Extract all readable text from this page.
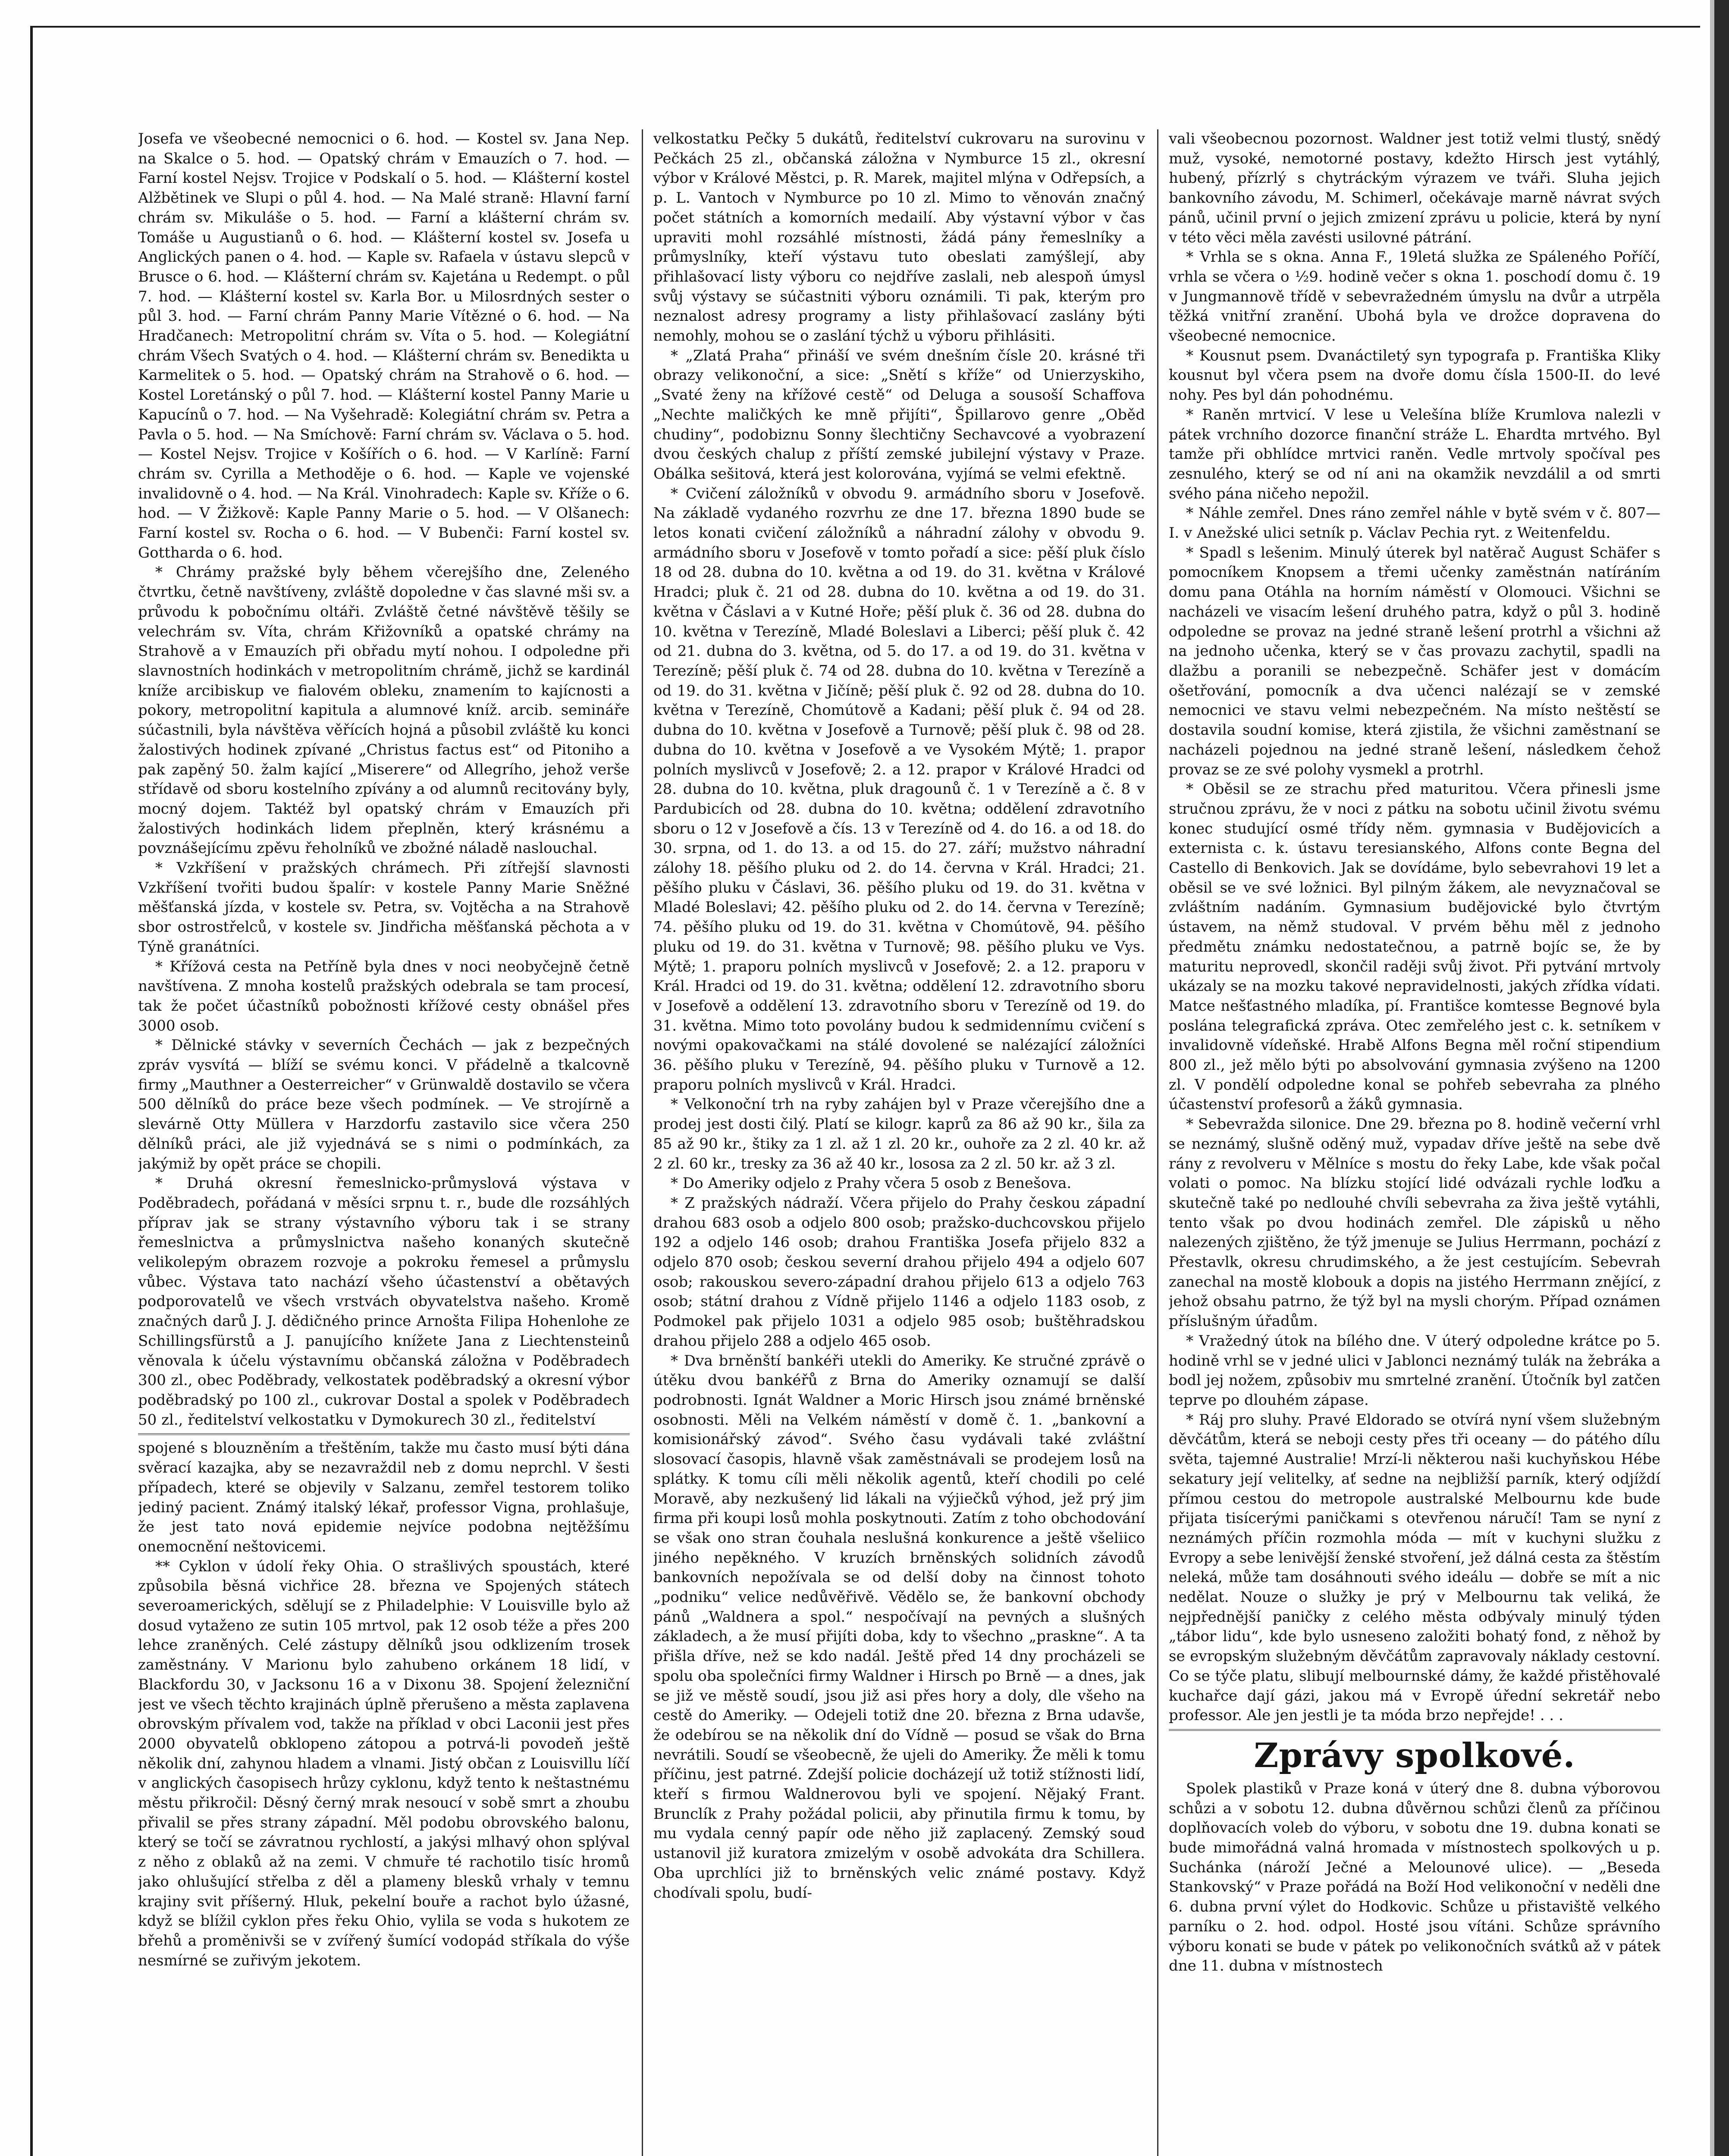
Josefa ve všeobecné nemocnici o 6. hod. — Kostel sv. Jana Nep. na Skalce o 5. hod. — Opatský chrám v Emauzích o 7. hod. — Farní kostel Nejsv. Trojice v Podskalí o 5. hod. — Klášterní kostel Alžbětinek ve Slupi o půl 4. hod. — Na Malé straně: Hlavní farní chrám sv. Mikuláše o 5. hod. — Farní a klášterní chrám sv. Tomáše u Augustianů o 6. hod. — Klášterní kostel sv. Josefa u Anglických panen o 4. hod. — Kaple sv. Rafaela v ústavu slepců v Brusce o 6. hod. — Klášterní chrám sv. Kajetána u Redempt. o půl 7. hod. — Klášterní kostel sv. Karla Bor. u Milosrdných sester o půl 3. hod. — Farní chrám Panny Marie Vítězné o 6. hod. — Na Hradčanech: Metropolitní chrám sv. Víta o 5. hod. — Kolegiátní chrám Všech Svatých o 4. hod. — Klášterní chrám sv. Benedikta u Karmelitek o 5. hod. — Opatský chrám na Strahově o 6. hod. — Kostel Loretánský o půl 7. hod. — Klášterní kostel Panny Marie u Kapucínů o 7. hod. — Na Vyšehradě: Kolegiátní chrám sv. Petra a Pavla o 5. hod. — Na Smíchově: Farní chrám sv. Václava o 5. hod. — Kostel Nejsv. Trojice v Košířích o 6. hod. — V Karlíně: Farní chrám sv. Cyrilla a Methoděje o 6. hod. — Kaple ve vojenské invalidovně o 4. hod. — Na Král. Vinohradech: Kaple sv. Kříže o 6. hod. — V Žižkově: Kaple Panny Marie o 5. hod. — V Olšanech: Farní kostel sv. Rocha o 6. hod. — V Bubenči: Farní kostel sv. Gottharda o 6. hod.

* Chrámy pražské byly během včerejšího dne, Zeleného čtvrtku, četně navštíveny, zvláště dopoledne v čas slavné mši sv. a průvodu k pobočnímu oltáři. Zvláště četné návštěvě těšily se velechrám sv. Víta, chrám Křižovníků a opatské chrámy na Strahově a v Emauzích při obřadu mytí nohou. I odpoledne při slavnostních hodinkách v metropolitním chrámě, jichž se kardinál kníže arcibiskup ve fialovém obleku, znamením to kajícnosti a pokory, metropolitní kapitula a alumnové kníž. arcib. semináře súčastnili, byla návštěva věřících hojná a působil zvláště ku konci žalostivých hodinek zpívané „Christus factus est“ od Pitoniho a pak zapěný 50. žalm kající „Miserere“ od Allegrího, jehož verše střídavě od sboru kostelního zpívány a od alumnů recitovány byly, mocný dojem. Taktéž byl opatský chrám v Emauzích při žalostivých hodinkách lidem přeplněn, který krásnému a povznášejícímu zpěvu řeholníků ve zbožné náladě naslouchal.

* Vzkříšení v pražských chrámech. Při zítřejší slavnosti Vzkříšení tvořiti budou špalír: v kostele Panny Marie Sněžné měšťanská jízda, v kostele sv. Petra, sv. Vojtěcha a na Strahově sbor ostrostřelců, v kostele sv. Jindřicha měšťanská pěchota a v Týně granátníci.

* Křížová cesta na Petříně byla dnes v noci neobyčejně četně navštívena. Z mnoha kostelů pražských odebrala se tam procesí, tak že počet účastníků pobožnosti křížové cesty obnášel přes 3000 osob.

* Dělnické stávky v severních Čechách — jak z bezpečných zpráv vysvítá — blíží se svému konci. V přádelně a tkalcovně firmy „Mauthner a Oesterreicher“ v Grünwaldě dostavilo se včera 500 dělníků do práce beze všech podmínek. — Ve strojírně a slevárně Otty Müllera v Harzdorfu zastavilo sice včera 250 dělníků práci, ale již vyjednává se s nimi o podmínkách, za jakýmiž by opět práce se chopili.

* Druhá okresní řemeslnicko-průmyslová výstava v Poděbradech, pořádaná v měsíci srpnu t. r., bude dle rozsáhlých příprav jak se strany výstavního výboru tak i se strany řemeslnictva a průmyslnictva našeho konaných skutečně velikolepým obrazem rozvoje a pokroku řemesel a průmyslu vůbec. Výstava tato nachází všeho účastenství a obětavých podporovatelů ve všech vrstvách obyvatelstva našeho. Kromě značných darů J. J. dědičného prince Arnošta Filipa Hohenlohe ze Schillingsfürstů a J. panujícího knížete Jana z Liechtensteinů věnovala k účelu výstavnímu občanská záložna v Poděbradech 300 zl., obec Poděbrady, velkostatek poděbradský a okresní výbor poděbradský po 100 zl., cukrovar Dostal a spolek v Poděbradech 50 zl., ředitelství velkostatku v Dymokurech 30 zl., ředitelství

spojené s blouzněním a třeštěním, takže mu často musí býti dána svěrací kazajka, aby se nezavraždil neb z domu neprchl. V šesti případech, které se objevily v Salzanu, zemřel testorem toliko jediný pacient. Známý italský lékař, professor Vigna, prohlašuje, že jest tato nová epidemie nejvíce podobna nejtěžšímu onemocnění neštovicemi.

** Cyklon v údolí řeky Ohia. O strašlivých spoustách, které způsobila běsná vichřice 28. března ve Spojených státech severoamerických, sdělují se z Philadelphie: V Louisville bylo až dosud vytaženo ze sutin 105 mrtvol, pak 12 osob téže a přes 200 lehce zraněných. Celé zástupy dělníků jsou odklizením trosek zaměstnány. V Marionu bylo zahubeno orkánem 18 lidí, v Blackfordu 30, v Jacksonu 16 a v Dixonu 38. Spojení železniční jest ve všech těchto krajinách úplně přerušeno a města zaplavena obrovským přívalem vod, takže na příklad v obci Laconii jest přes 2000 obyvatelů obklopeno zátopou a potrvá-li povodeň ještě několik dní, zahynou hladem a vlnami. Jistý občan z Louisvillu líčí v anglických časopisech hrůzy cyklonu, když tento k neštastnému městu přikročil: Děsný černý mrak nesoucí v sobě smrt a zhoubu přivalil se přes strany západní. Měl podobu obrovského balonu, který se točí se závratnou rychlostí, a jakýsi mlhavý ohon splýval z něho z oblaků až na zemi. V chmuře té rachotilo tisíc hromů jako ohlušující střelba z děl a plameny blesků vrhaly v temnu krajiny svit příšerný. Hluk, pekelní bouře a rachot bylo úžasné, když se blížil cyklon přes řeku Ohio, vylila se voda s hukotem ze břehů a proměnivši se v zvířený šumící vodopád stříkala do výše nesmírné se zuřivým jekotem.

velkostatku Pečky 5 dukátů, ředitelství cukrovaru na surovinu v Pečkách 25 zl., občanská záložna v Nymburce 15 zl., okresní výbor v Králové Městci, p. R. Marek, majitel mlýna v Odřepsích, a p. L. Vantoch v Nymburce po 10 zl. Mimo to věnován značný počet státních a komorních medailí. Aby výstavní výbor v čas upraviti mohl rozsáhlé místnosti, žádá pány řemeslníky a průmyslníky, kteří výstavu tuto obeslati zamýšlejí, aby přihlašovací listy výboru co nejdříve zaslali, neb alespoň úmysl svůj výstavy se súčastniti výboru oznámili. Ti pak, kterým pro neznalost adresy programy a listy přihlašovací zaslány býti nemohly, mohou se o zaslání týchž u výboru přihlásiti.

* „Zlatá Praha“ přináší ve svém dnešním čísle 20. krásné tři obrazy velikonoční, a sice: „Snětí s kříže“ od Unierzyskiho, „Svaté ženy na křížové cestě“ od Deluga a sousoší Schaffova „Nechte maličkých ke mně přijíti“, Špillarovo genre „Oběd chudiny“, podobiznu Sonny šlechtičny Sechavcové a vyobrazení dvou českých chalup z příští zemské jubilejní výstavy v Praze. Obálka sešitová, která jest kolorována, vyjímá se velmi efektně.

* Cvičení záložníků v obvodu 9. armádního sboru v Josefově. Na základě vydaného rozvrhu ze dne 17. března 1890 bude se letos konati cvičení záložníků a náhradní zálohy v obvodu 9. armádního sboru v Josefově v tomto pořadí a sice: pěší pluk číslo 18 od 28. dubna do 10. května a od 19. do 31. května v Králové Hradci; pluk č. 21 od 28. dubna do 10. května a od 19. do 31. května v Čáslavi a v Kutné Hoře; pěší pluk č. 36 od 28. dubna do 10. května v Terezíně, Mladé Boleslavi a Liberci; pěší pluk č. 42 od 21. dubna do 3. května, od 5. do 17. a od 19. do 31. května v Terezíně; pěší pluk č. 74 od 28. dubna do 10. května v Terezíně a od 19. do 31. května v Jičíně; pěší pluk č. 92 od 28. dubna do 10. května v Terezíně, Chomútově a Kadani; pěší pluk č. 94 od 28. dubna do 10. května v Josefově a Turnově; pěší pluk č. 98 od 28. dubna do 10. května v Josefově a ve Vysokém Mýtě; 1. prapor polních myslivců v Josefově; 2. a 12. prapor v Králové Hradci od 28. dubna do 10. května, pluk dragounů č. 1 v Terezíně a č. 8 v Pardubicích od 28. dubna do 10. května; oddělení zdravotního sboru o 12 v Josefově a čís. 13 v Terezíně od 4. do 16. a od 18. do 30. srpna, od 1. do 13. a od 15. do 27. září; mužstvo náhradní zálohy 18. pěšího pluku od 2. do 14. června v Král. Hradci; 21. pěšího pluku v Čáslavi, 36. pěšího pluku od 19. do 31. května v Mladé Boleslavi; 42. pěšího pluku od 2. do 14. června v Terezíně; 74. pěšího pluku od 19. do 31. května v Chomútově, 94. pěšího pluku od 19. do 31. května v Turnově; 98. pěšího pluku ve Vys. Mýtě; 1. praporu polních myslivců v Josefově; 2. a 12. praporu v Král. Hradci od 19. do 31. května; oddělení 12. zdravotního sboru v Josefově a oddělení 13. zdravotního sboru v Terezíně od 19. do 31. května. Mimo toto povolány budou k sedmidennímu cvičení s novými opakovačkami na stálé dovolené se nalézající záložníci 36. pěšího pluku v Terezíně, 94. pěšího pluku v Turnově a 12. praporu polních myslivců v Král. Hradci.

* Velkonoční trh na ryby zahájen byl v Praze včerejšího dne a prodej jest dosti čilý. Platí se kilogr. kaprů za 86 až 90 kr., šila za 85 až 90 kr., štiky za 1 zl. až 1 zl. 20 kr., ouhoře za 2 zl. 40 kr. až 2 zl. 60 kr., tresky za 36 až 40 kr., lososa za 2 zl. 50 kr. až 3 zl.

* Do Ameriky odjelo z Prahy včera 5 osob z Benešova.

* Z pražských nádraží. Včera přijelo do Prahy českou západní drahou 683 osob a odjelo 800 osob; pražsko-duchcovskou přijelo 192 a odjelo 146 osob; drahou Františka Josefa přijelo 832 a odjelo 870 osob; českou severní drahou přijelo 494 a odjelo 607 osob; rakouskou severo-západní drahou přijelo 613 a odjelo 763 osob; státní drahou z Vídně přijelo 1146 a odjelo 1183 osob, z Podmokel pak přijelo 1031 a odjelo 985 osob; buštěhradskou drahou přijelo 288 a odjelo 465 osob.

* Dva brněnští bankéři utekli do Ameriky. Ke stručné zprávě o útěku dvou bankéřů z Brna do Ameriky oznamují se další podrobnosti. Ignát Waldner a Moric Hirsch jsou známé brněnské osobnosti. Měli na Velkém náměstí v domě č. 1. „bankovní a komisionářský závod“. Svého času vydávali také zvláštní slosovací časopis, hlavně však zaměstnávali se prodejem losů na splátky. K tomu cíli měli několik agentů, kteří chodili po celé Moravě, aby nezkušený lid lákali na výjiečků výhod, jež prý jim firma při koupi losů mohla poskytnouti. Zatím z toho obchodování se však ono stran čouhala neslušná konkurence a ještě všeliico jiného nepěkného. V kruzích brněnských solidních závodů bankovních nepožívala se od delší doby na činnost tohoto „podniku“ velice nedůvěřivě. Vědělo se, že bankovní obchody pánů „Waldnera a spol.“ nespočívají na pevných a slušných základech, a že musí přijíti doba, kdy to všechno „praskne“. A ta přišla dříve, než se kdo nadál. Ještě před 14 dny procházeli se spolu oba společníci firmy Waldner i Hirsch po Brně — a dnes, jak se již ve městě soudí, jsou již asi přes hory a doly, dle všeho na cestě do Ameriky. — Odejeli totiž dne 20. března z Brna udavše, že odebírou se na několik dní do Vídně — posud se však do Brna nevrátili. Soudí se všeobecně, že ujeli do Ameriky. Že měli k tomu příčinu, jest patrné. Zdejší policie docházejí už totiž stížnosti lidí, kteří s firmou Waldnerovou byli ve spojení. Nějaký Frant. Brunclík z Prahy požádal policii, aby přinutila firmu k tomu, by mu vydala cenný papír ode něho již zaplacený. Zemský soud ustanovil již kuratora zmizelým v osobě advokáta dra Schillera. Oba uprchlíci již to brněnských velic známé postavy. Když chodívali spolu, budí-

vali všeobecnou pozornost. Waldner jest totiž velmi tlustý, snědý muž, vysoké, nemotorné postavy, kdežto Hirsch jest vytáhlý, hubený, přízrlý s chytráckým výrazem ve tváři. Sluha jejich bankovního závodu, M. Schimerl, očekávaje marně návrat svých pánů, učinil první o jejich zmizení zprávu u policie, která by nyní v této věci měla zavésti usilovné pátrání.

* Vrhla se s okna. Anna F., 19letá služka ze Spáleného Poříčí, vrhla se včera o ½9. hodině večer s okna 1. poschodí domu č. 19 v Jungmannově třídě v sebevražedném úmyslu na dvůr a utrpěla těžká vnitřní zranění. Ubohá byla ve drožce dopravena do všeobecné nemocnice.

* Kousnut psem. Dvanáctiletý syn typografa p. Františka Kliky kousnut byl včera psem na dvoře domu čísla 1500-II. do levé nohy. Pes byl dán pohodnému.

* Raněn mrtvicí. V lese u Velešína blíže Krumlova nalezli v pátek vrchního dozorce finanční stráže L. Ehardta mrtvého. Byl tamže při obhlídce mrtvici raněn. Vedle mrtvoly spočíval pes zesnulého, který se od ní ani na okamžik nevzdálil a od smrti svého pána ničeho nepožil.

* Náhle zemřel. Dnes ráno zemřel náhle v bytě svém v č. 807—I. v Anežské ulici setník p. Václav Pechia ryt. z Weitenfeldu.

* Spadl s lešenim. Minulý úterek byl natěrač August Schäfer s pomocníkem Knopsem a třemi učenky zaměstnán natíráním domu pana Otáhla na horním náměstí v Olomouci. Všichni se nacházeli ve visacím lešení druhého patra, když o půl 3. hodině odpoledne se provaz na jedné straně lešení protrhl a všichni až na jednoho učenka, který se v čas provazu zachytil, spadli na dlažbu a poranili se nebezpečně. Schäfer jest v domácím ošetřování, pomocník a dva učenci nalézají se v zemské nemocnici ve stavu velmi nebezpečném. Na místo neštěstí se dostavila soudní komise, která zjistila, že všichni zaměstnaní se nacházeli pojednou na jedné straně lešení, následkem čehož provaz se ze své polohy vysmekl a protrhl.

* Oběsil se ze strachu před maturitou. Včera přinesli jsme stručnou zprávu, že v noci z pátku na sobotu učinil životu svému konec studující osmé třídy něm. gymnasia v Budějovicích a externista c. k. ústavu teresianského, Alfons conte Begna del Castello di Benkovich. Jak se dovídáme, bylo sebevrahovi 19 let a oběsil se ve své ložnici. Byl pilným žákem, ale nevyznačoval se zvláštním nadáním. Gymnasium budějovické bylo čtvrtým ústavem, na němž studoval. V prvém běhu měl z jednoho předmětu známku nedostatečnou, a patrně bojíc se, že by maturitu neprovedl, skončil raději svůj život. Při pytvání mrtvoly ukázaly se na mozku takové nepravidelnosti, jakých zřídka vídati. Matce nešťastného mladíka, pí. Františce komtesse Begnové byla poslána telegrafická zpráva. Otec zemřelého jest c. k. setníkem v invalidovně vídeňské. Hrabě Alfons Begna měl roční stipendium 800 zl., jež mělo býti po absolvování gymnasia zvýšeno na 1200 zl. V pondělí odpoledne konal se pohřeb sebevraha za plného účastenství profesorů a žáků gymnasia.

* Sebevražda silonice. Dne 29. března po 8. hodině večerní vrhl se neznámý, slušně oděný muž, vypadav dříve ještě na sebe dvě rány z revolveru v Mělníce s mostu do řeky Labe, kde však počal volati o pomoc. Na blízku stojící lidé odvázali rychle loďku a skutečně také po nedlouhé chvíli sebevraha za živa ještě vytáhli, tento však po dvou hodinách zemřel. Dle zápisků u něho nalezených zjištěno, že týž jmenuje se Julius Herrmann, pochází z Přestavlk, okresu chrudimského, a že jest cestujícím. Sebevrah zanechal na mostě klobouk a dopis na jistého Herrmann znějící, z jehož obsahu patrno, že týž byl na mysli chorým. Případ oznámen příslušným úřadům.

* Vražedný útok na bílého dne. V úterý odpoledne krátce po 5. hodině vrhl se v jedné ulici v Jablonci neznámý tulák na žebráka a bodl jej nožem, způsobiv mu smrtelné zranění. Útočník byl zatčen teprve po dlouhém zápase.

* Ráj pro sluhy. Pravé Eldorado se otvírá nyní všem služebným děvčátům, která se neboji cesty přes tři oceany — do pátého dílu světa, tajemné Australie! Mrzí-li některou naši kuchyňskou Hébe sekatury její velitelky, ať sedne na nejbližší parník, který odjíždí přímou cestou do metropole australské Melbournu kde bude přijata tisícerými paničkami s otevřenou náručí! Tam se nyní z neznámých příčin rozmohla móda — mít v kuchyni služku z Evropy a sebe lenivější ženské stvoření, jež dálná cesta za štěstím neleká, může tam dosáhnouti svého ideálu — dobře se mít a nic nedělat. Nouze o služky je prý v Melbournu tak veliká, že nejpřednější paničky z celého města odbývaly minulý týden „tábor lidu“, kde bylo usneseno založiti bohatý fond, z něhož by se evropským služebným děvčátům zapravovaly náklady cestovní. Co se týče platu, slibují melbournské dámy, že každé přistěhovalé kuchařce dají gázi, jakou má v Evropě úřední sekretář nebo professor. Ale jen jestli je ta móda brzo nepřejde! . . .

Zprávy spolkové.

Spolek plastiků v Praze koná v úterý dne 8. dubna výborovou schůzi a v sobotu 12. dubna důvěrnou schůzi členů za příčinou doplňovacích voleb do výboru, v sobotu dne 19. dubna konati se bude mimořádná valná hromada v místnostech spolkových u p. Suchánka (nároží Ječné a Melounové ulice). — „Beseda Stankovský“ v Praze pořádá na Boží Hod velikonoční v neděli dne 6. dubna první výlet do Hodkovic. Schůze u přistaviště velkého parníku o 2. hod. odpol. Hosté jsou vítáni. Schůze správního výboru konati se bude v pátek po velikonočních svátků až v pátek dne 11. dubna v místnostech
